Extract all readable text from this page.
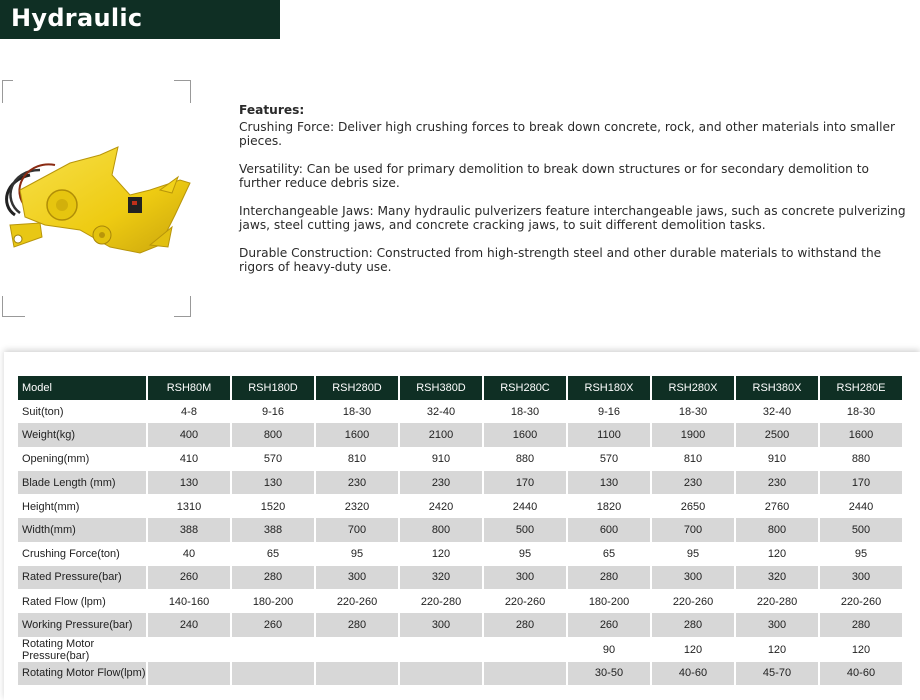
Hydraulic Pulverizer
Features:
Crushing Force: Deliver high crushing forces to break down concrete, rock, and other materials into smaller pieces.
Versatility: Can be used for primary demolition to break down structures or for secondary demolition to further reduce debris size.
Interchangeable Jaws: Many hydraulic pulverizers feature interchangeable jaws, such as concrete pulverizing jaws, steel cutting jaws, and concrete cracking jaws, to suit different demolition tasks.
Durable Construction: Constructed from high-strength steel and other durable materials to withstand the rigors of heavy-duty use.
Model	RSH80M	RSH180D	RSH280D	RSH380D	RSH280C	RSH180X	RSH280X	RSH380X	RSH280E
Suit(ton)	4-8	9-16	18-30	32-40	18-30	9-16	18-30	32-40	18-30
Weight(kg)	400	800	1600	2100	1600	1100	1900	2500	1600
Opening(mm)	410	570	810	910	880	570	810	910	880
Blade Length (mm)	130	130	230	230	170	130	230	230	170
Height(mm)	1310	1520	2320	2420	2440	1820	2650	2760	2440
Width(mm)	388	388	700	800	500	600	700	800	500
Crushing Force(ton)	40	65	95	120	95	65	95	120	95
Rated Pressure(bar)	260	280	300	320	300	280	300	320	300
Rated Flow (lpm)	140-160	180-200	220-260	220-280	220-260	180-200	220-260	220-280	220-260
Working Pressure(bar)	240	260	280	300	280	260	280	300	280
Rotating Motor Pressure(bar)						90	120	120	120
Rotating Motor Flow(lpm)						30-50	40-60	45-70	40-60
